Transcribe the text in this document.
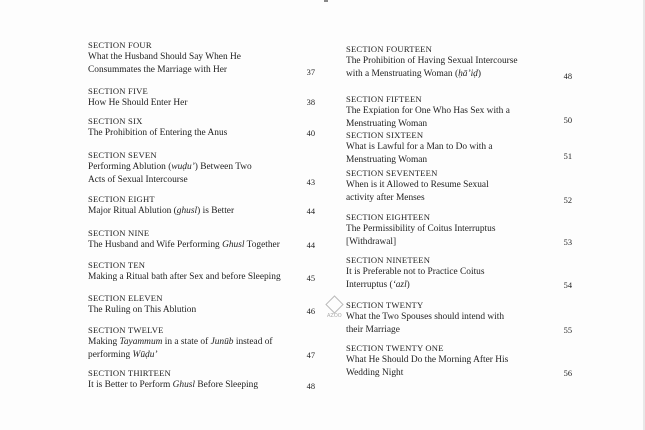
SECTION FOUR
What the Husband Should Say When He
Consummates the Marriage with Her	37
SECTION FIVE
How He Should Enter Her	38
SECTION SIX
The Prohibition of Entering the Anus	40
SECTION SEVEN
Performing Ablution (wuḍu’) Between Two
Acts of Sexual Intercourse	43
SECTION EIGHT
Major Ritual Ablution (ghusl) is Better	44
SECTION NINE
The Husband and Wife Performing Ghusl Together	44
SECTION TEN
Making a Ritual bath after Sex and before Sleeping	45
SECTION ELEVEN
The Ruling on This Ablution	46
SECTION TWELVE
Making Tayammum in a state of Junūb instead of
performing Wūḍu’	47
SECTION THIRTEEN
It is Better to Perform Ghusl Before Sleeping	48
SECTION FOURTEEN
The Prohibition of Having Sexual Intercourse
with a Menstruating Woman (ḥā’iḍ)	48
SECTION FIFTEEN
The Expiation for One Who Has Sex with a
Menstruating Woman	50
SECTION SIXTEEN
What is Lawful for a Man to Do with a
Menstruating Woman	51
SECTION SEVENTEEN
When is it Allowed to Resume Sexual
activity after Menses	52
SECTION EIGHTEEN
The Permissibility of Coitus Interruptus
[Withdrawal]	53
SECTION NINETEEN
It is Preferable not to Practice Coitus
Interruptus (‘azl)	54
SECTION TWENTY
What the Two Spouses should intend with
their Marriage	55
SECTION TWENTY ONE
What He Should Do the Morning After His
Wedding Night	56
AZOO
